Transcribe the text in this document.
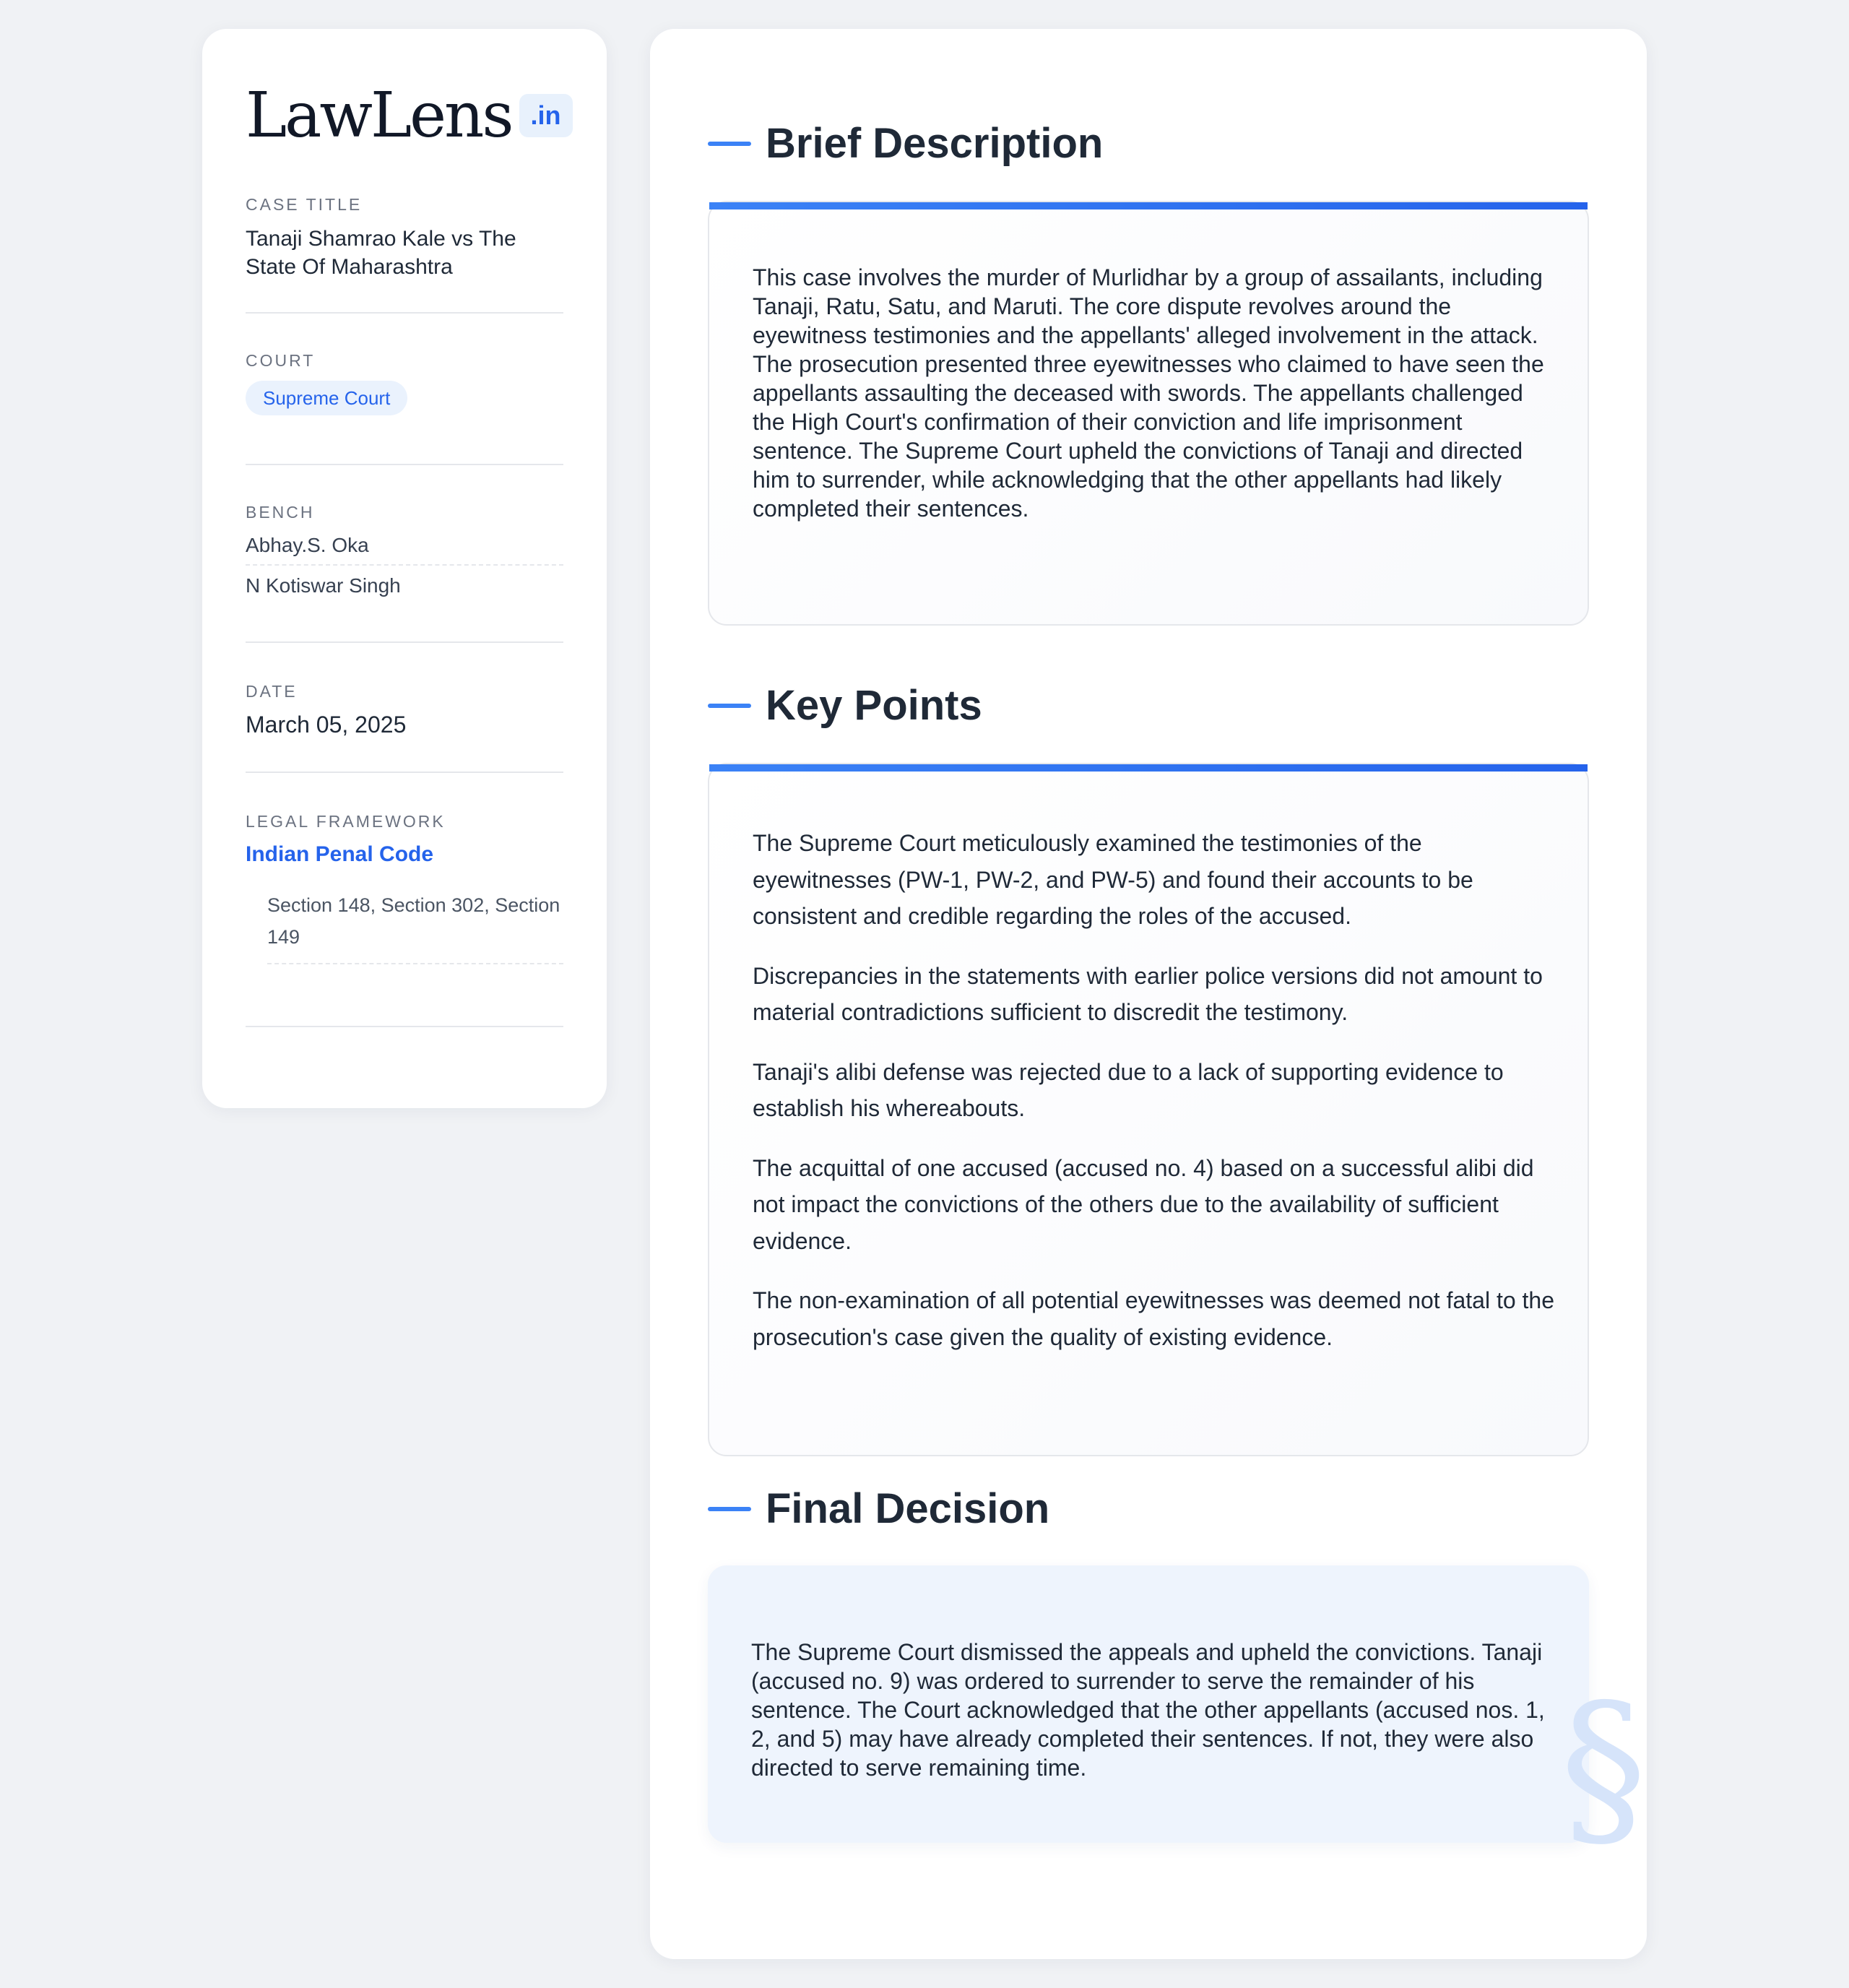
LawLens .in
CASE TITLE
Tanaji Shamrao Kale vs The State Of Maharashtra
COURT
Supreme Court
BENCH
Abhay.S. Oka
N Kotiswar Singh
DATE
March 05, 2025
LEGAL FRAMEWORK
Indian Penal Code
Section 148, Section 302, Section 149
Brief Description

This case involves the murder of Murlidhar by a group of assailants, including Tanaji, Ratu, Satu, and Maruti. The core dispute revolves around the eyewitness testimonies and the appellants' alleged involvement in the attack. The prosecution presented three eyewitnesses who claimed to have seen the appellants assaulting the deceased with swords. The appellants challenged the High Court's confirmation of their conviction and life imprisonment sentence. The Supreme Court upheld the convictions of Tanaji and directed him to surrender, while acknowledging that the other appellants had likely completed their sentences.

Key Points

The Supreme Court meticulously examined the testimonies of the eyewitnesses (PW-1, PW-2, and PW-5) and found their accounts to be consistent and credible regarding the roles of the accused.

Discrepancies in the statements with earlier police versions did not amount to material contradictions sufficient to discredit the testimony.

Tanaji's alibi defense was rejected due to a lack of supporting evidence to establish his whereabouts.

The acquittal of one accused (accused no. 4) based on a successful alibi did not impact the convictions of the others due to the availability of sufficient evidence.

The non-examination of all potential eyewitnesses was deemed not fatal to the prosecution's case given the quality of existing evidence.

Final Decision

The Supreme Court dismissed the appeals and upheld the convictions. Tanaji (accused no. 9) was ordered to surrender to serve the remainder of his sentence. The Court acknowledged that the other appellants (accused nos. 1, 2, and 5) may have already completed their sentences. If not, they were also directed to serve remaining time.	§
